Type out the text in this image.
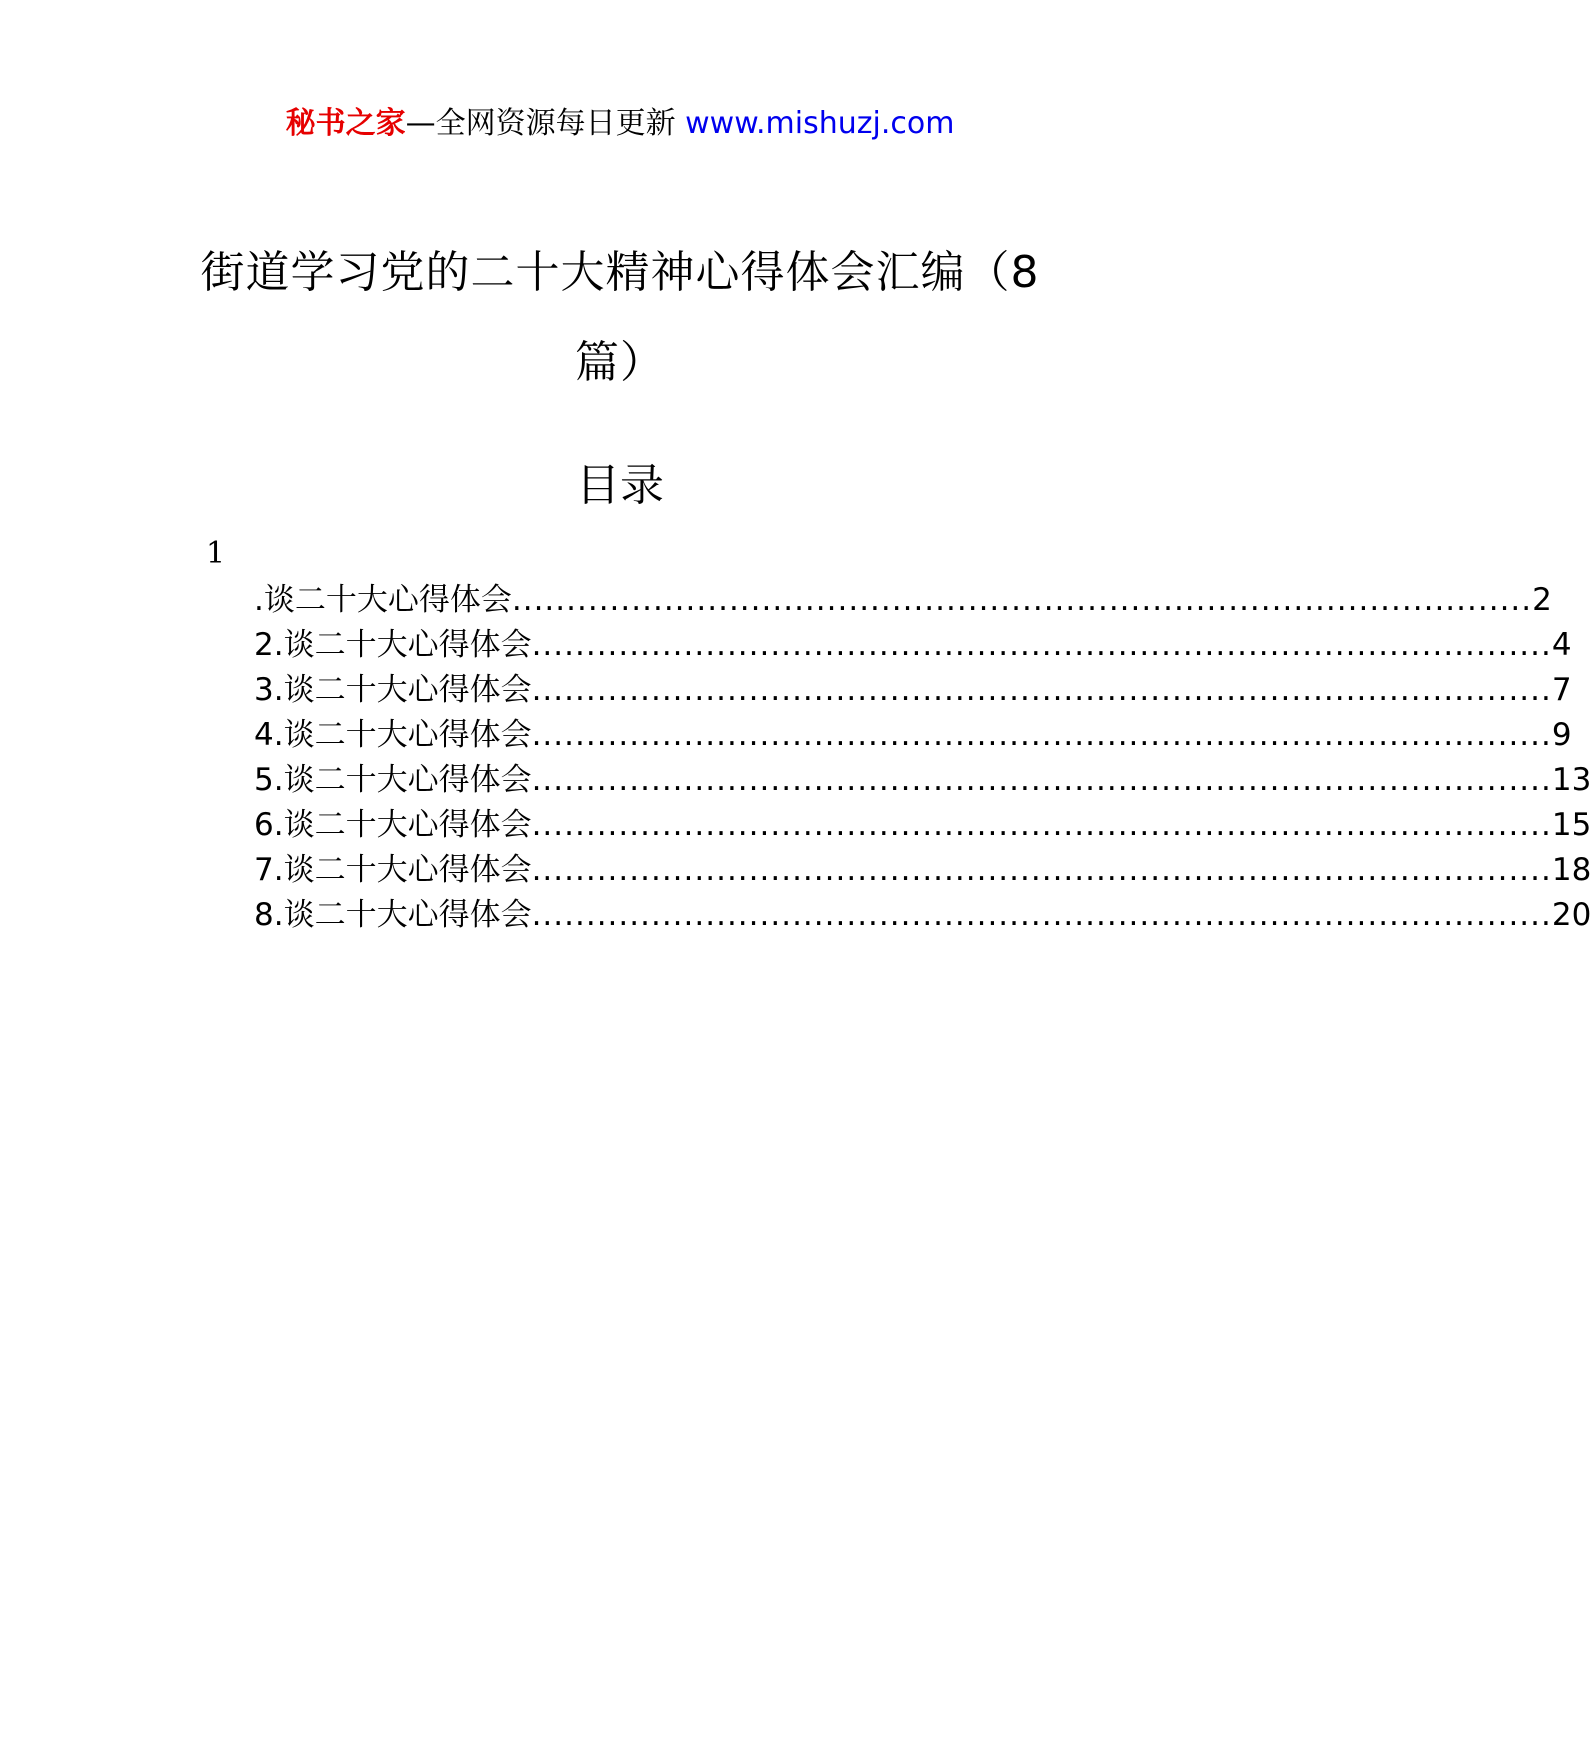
秘书之家—全网资源每日更新 www.mishuzj.com
街道学习党的二十大精神心得体会汇编（8篇）
目录
1
.谈二十大心得体会 .............................................................................................. 2
2.谈二十大心得体会 .............................................................................................. 4
3.谈二十大心得体会 .............................................................................................. 7
4.谈二十大心得体会 .............................................................................................. 9
5.谈二十大心得体会 .............................................................................................. 13
6.谈二十大心得体会 .............................................................................................. 15
7.谈二十大心得体会 .............................................................................................. 18
8.谈二十大心得体会 .............................................................................................. 20
